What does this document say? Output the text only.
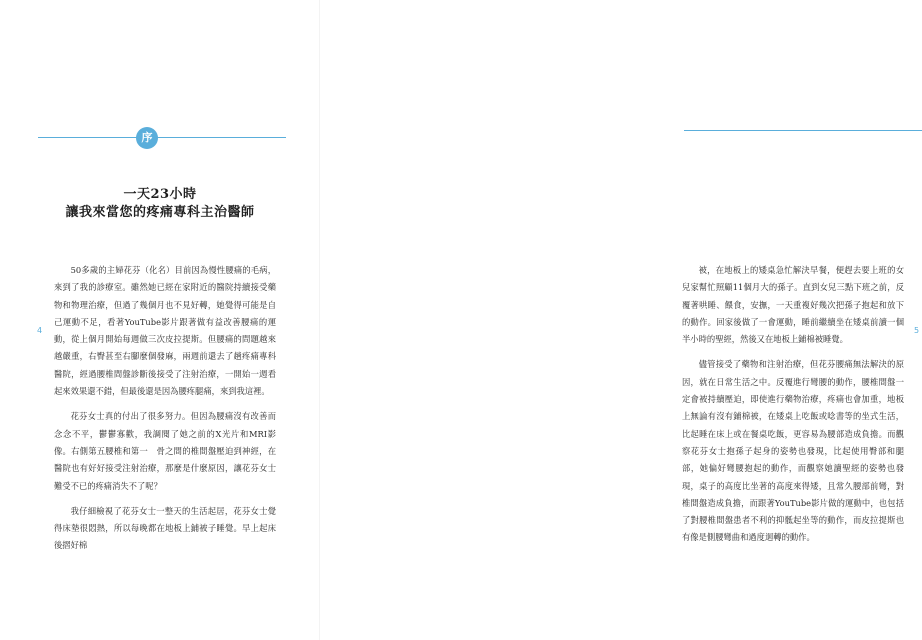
序
一天23小時
讓我來當您的疼痛專科主治醫師

50多歲的主婦花芬（化名）目前因為慢性腰痛的毛病，來到了我的診療室。雖然她已經在家附近的醫院持續接受藥物和物理治療，但過了幾個月也不見好轉，她覺得可能是自己運動不足，看著YouTube影片跟著做有益改善腰痛的運動，從上個月開始每週做三次皮拉提斯。但腰痛的問題越來越嚴重，右臀甚至右腳麼個發麻，兩週前還去了趟疼痛專科醫院，經過腰椎間盤診斷後接受了注射治療，一開始一週看起來效果還不錯，但最後還是因為腰疼腿痛，來到我這裡。

花芬女士真的付出了很多努力。但因為腰痛沒有改善而念念不平，鬱鬱寡歡，我調閱了她之前的X光片和MRI影像。右側第五腰椎和第一　骨之間的椎間盤壓迫到神經，在醫院也有好好接受注射治療，那麼是什麼原因，讓花芬女士難受不已的疼痛消失不了呢？

我仔細檢視了花芬女士一整天的生活起居，花芬女士覺得床墊很悶熱，所以每晚都在地板上鋪被子睡覺。早上起床後摺好棉

4

被，在地板上的矮桌急忙解決早餐，便趕去要上班的女兒家幫忙照顧11個月大的孫子。直到女兒三點下班之前，反覆著哄睡、餵食，安撫，一天重複好幾次把孫子抱起和放下的動作。回家後做了一會運動，睡前繼續坐在矮桌前讀一個半小時的聖經，然後又在地板上鋪棉被睡覺。

儘管接受了藥物和注射治療，但花芬腰痛無法解決的原因，就在日常生活之中。反覆進行彎腰的動作，腰椎間盤一定會被持續壓迫，即使進行藥物治療，疼痛也會加重，地板上無論有沒有鋪棉被，在矮桌上吃飯或唸書等的坐式生活，比起睡在床上或在餐桌吃飯，更容易為腰部造成負擔。而觀察花芬女士抱孫子起身的姿勢也發現，比起使用臀部和腿部，她偏好彎腰抱起的動作，而觀察她讀聖經的姿勢也發現，桌子的高度比坐著的高度來得矮，且常久腰部前彎，對椎間盤造成負擔，而跟著YouTube影片做的運動中，也包括了對腰椎間盤患者不利的抑骶起坐等的動作，而皮拉提斯也有像是側腰彎曲和過度迴轉的動作。

5
